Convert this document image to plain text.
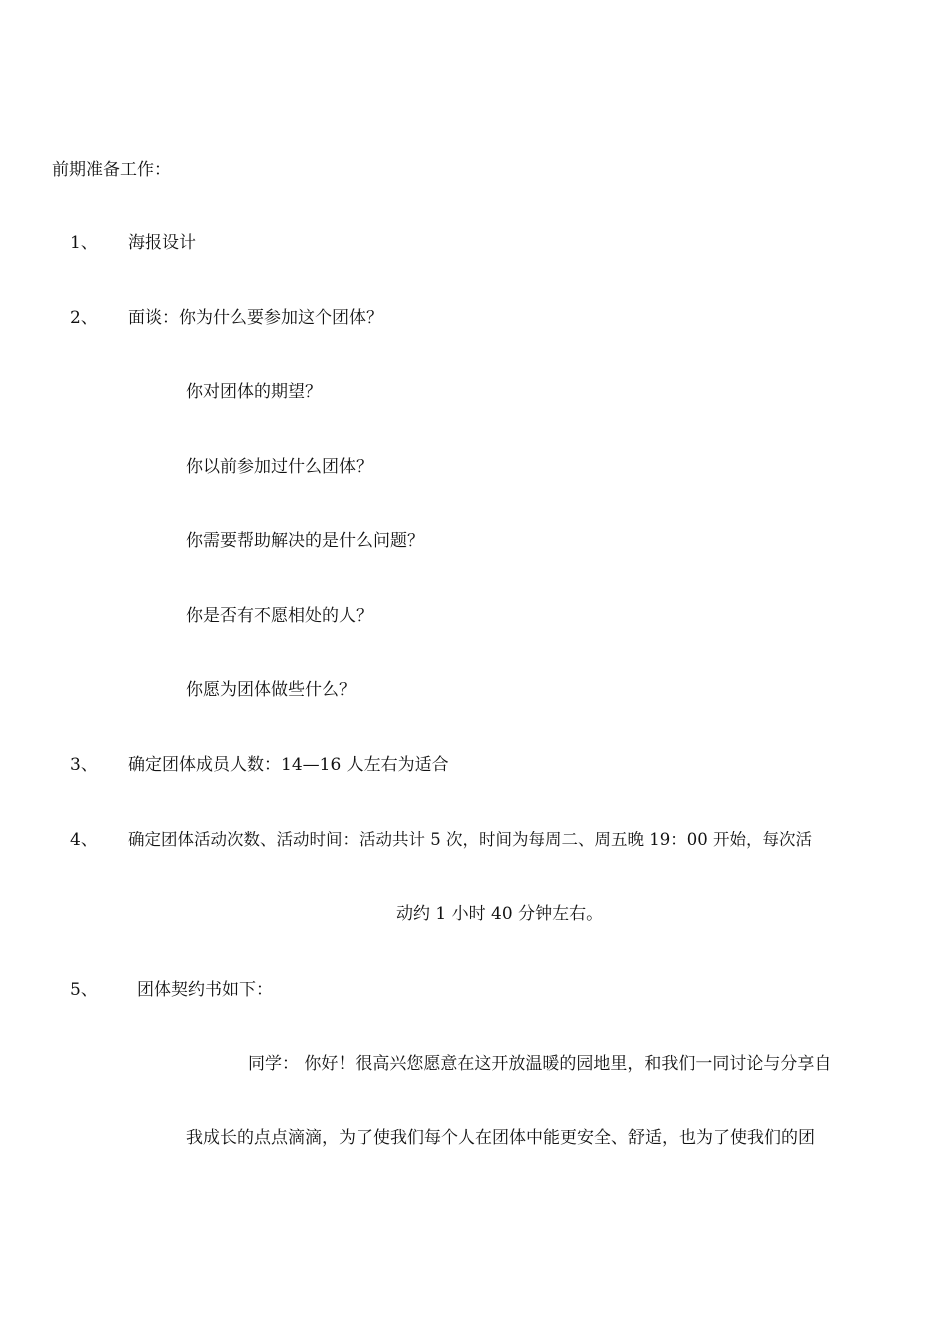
前期准备工作：
1、 海报设计
2、 面谈：你为什么要参加这个团体？
你对团体的期望？
你以前参加过什么团体？
你需要帮助解决的是什么问题？
你是否有不愿相处的人？
你愿为团体做些什么？
3、 确定团体成员人数：14—16 人左右为适合
4、 确定团体活动次数、活动时间：活动共计 5 次，时间为每周二、周五晚 19：00 开始，每次活
动约 1 小时 40 分钟左右。
5、 团体契约书如下：
同学： 你好！很高兴您愿意在这开放温暖的园地里，和我们一同讨论与分享自
我成长的点点滴滴，为了使我们每个人在团体中能更安全、舒适，也为了使我们的团
